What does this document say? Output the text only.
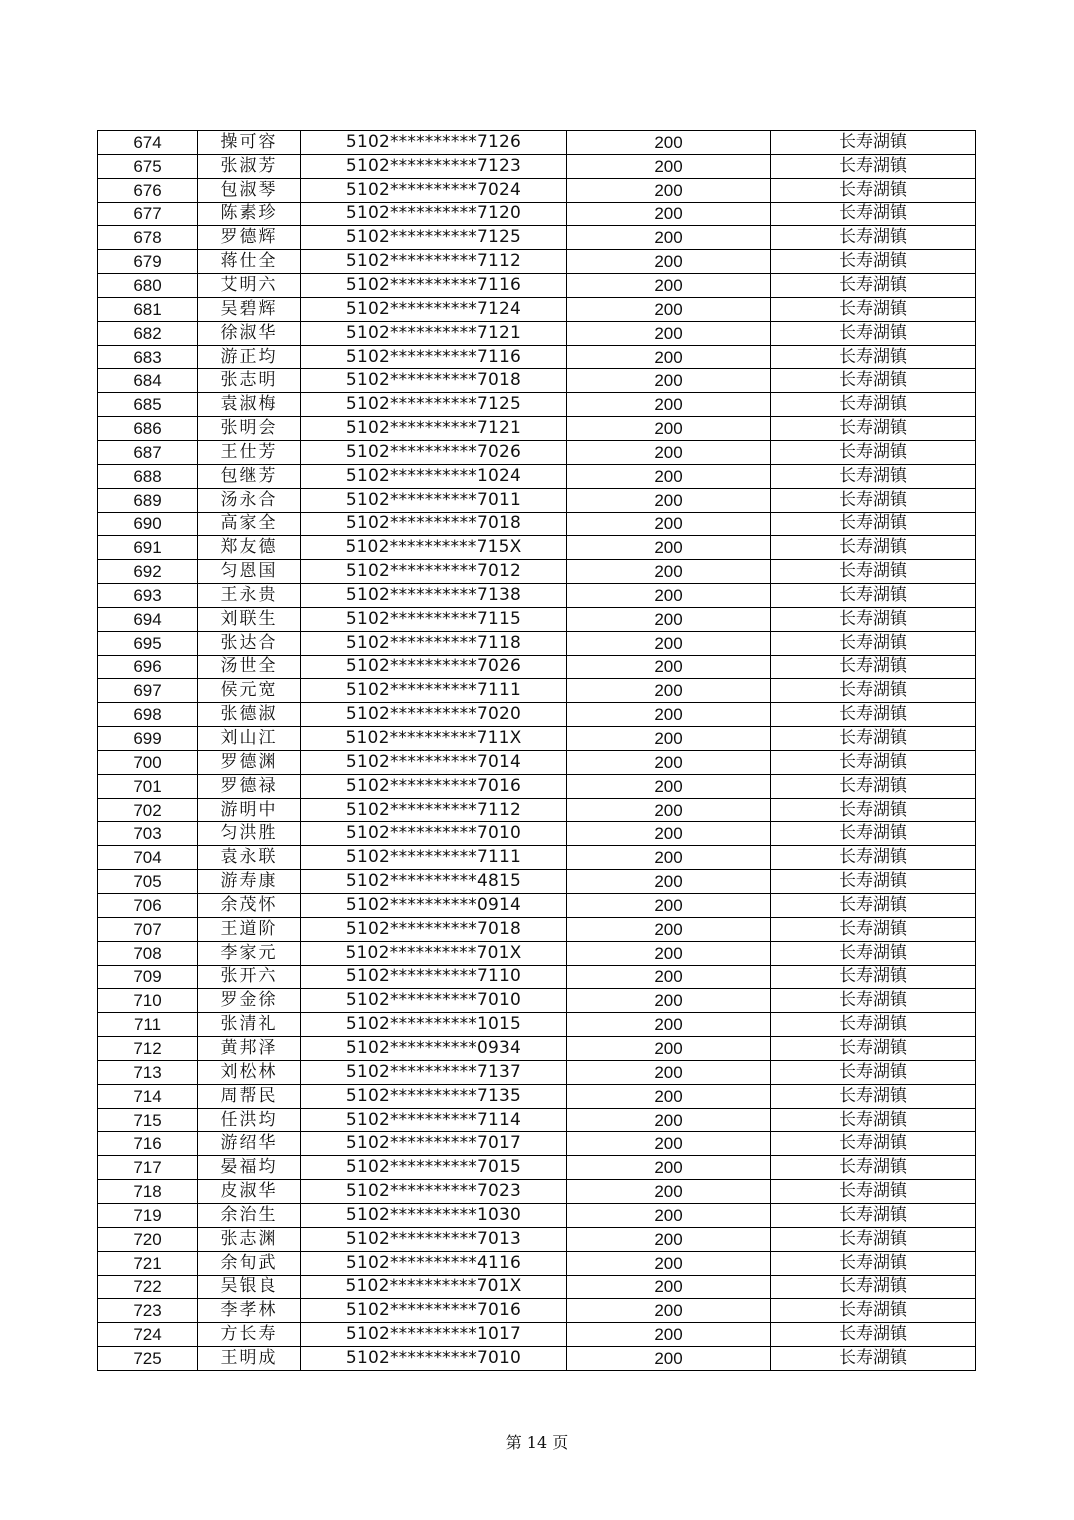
674	操可容	5102**********7126	200	长寿湖镇
675	张淑芳	5102**********7123	200	长寿湖镇
676	包淑琴	5102**********7024	200	长寿湖镇
677	陈素珍	5102**********7120	200	长寿湖镇
678	罗德辉	5102**********7125	200	长寿湖镇
679	蒋仕全	5102**********7112	200	长寿湖镇
680	艾明六	5102**********7116	200	长寿湖镇
681	吴碧辉	5102**********7124	200	长寿湖镇
682	徐淑华	5102**********7121	200	长寿湖镇
683	游正均	5102**********7116	200	长寿湖镇
684	张志明	5102**********7018	200	长寿湖镇
685	袁淑梅	5102**********7125	200	长寿湖镇
686	张明会	5102**********7121	200	长寿湖镇
687	王仕芳	5102**********7026	200	长寿湖镇
688	包继芳	5102**********1024	200	长寿湖镇
689	汤永合	5102**********7011	200	长寿湖镇
690	高家全	5102**********7018	200	长寿湖镇
691	郑友德	5102**********715X	200	长寿湖镇
692	匀恩国	5102**********7012	200	长寿湖镇
693	王永贵	5102**********7138	200	长寿湖镇
694	刘联生	5102**********7115	200	长寿湖镇
695	张达合	5102**********7118	200	长寿湖镇
696	汤世全	5102**********7026	200	长寿湖镇
697	侯元宽	5102**********7111	200	长寿湖镇
698	张德淑	5102**********7020	200	长寿湖镇
699	刘山江	5102**********711X	200	长寿湖镇
700	罗德渊	5102**********7014	200	长寿湖镇
701	罗德禄	5102**********7016	200	长寿湖镇
702	游明中	5102**********7112	200	长寿湖镇
703	匀洪胜	5102**********7010	200	长寿湖镇
704	袁永联	5102**********7111	200	长寿湖镇
705	游寿康	5102**********4815	200	长寿湖镇
706	余茂怀	5102**********0914	200	长寿湖镇
707	王道阶	5102**********7018	200	长寿湖镇
708	李家元	5102**********701X	200	长寿湖镇
709	张开六	5102**********7110	200	长寿湖镇
710	罗金徐	5102**********7010	200	长寿湖镇
711	张清礼	5102**********1015	200	长寿湖镇
712	黄邦泽	5102**********0934	200	长寿湖镇
713	刘松林	5102**********7137	200	长寿湖镇
714	周帮民	5102**********7135	200	长寿湖镇
715	任洪均	5102**********7114	200	长寿湖镇
716	游绍华	5102**********7017	200	长寿湖镇
717	晏福均	5102**********7015	200	长寿湖镇
718	皮淑华	5102**********7023	200	长寿湖镇
719	余治生	5102**********1030	200	长寿湖镇
720	张志渊	5102**********7013	200	长寿湖镇
721	余旬武	5102**********4116	200	长寿湖镇
722	吴银良	5102**********701X	200	长寿湖镇
723	李孝林	5102**********7016	200	长寿湖镇
724	方长寿	5102**********1017	200	长寿湖镇
725	王明成	5102**********7010	200	长寿湖镇
第 14 页
